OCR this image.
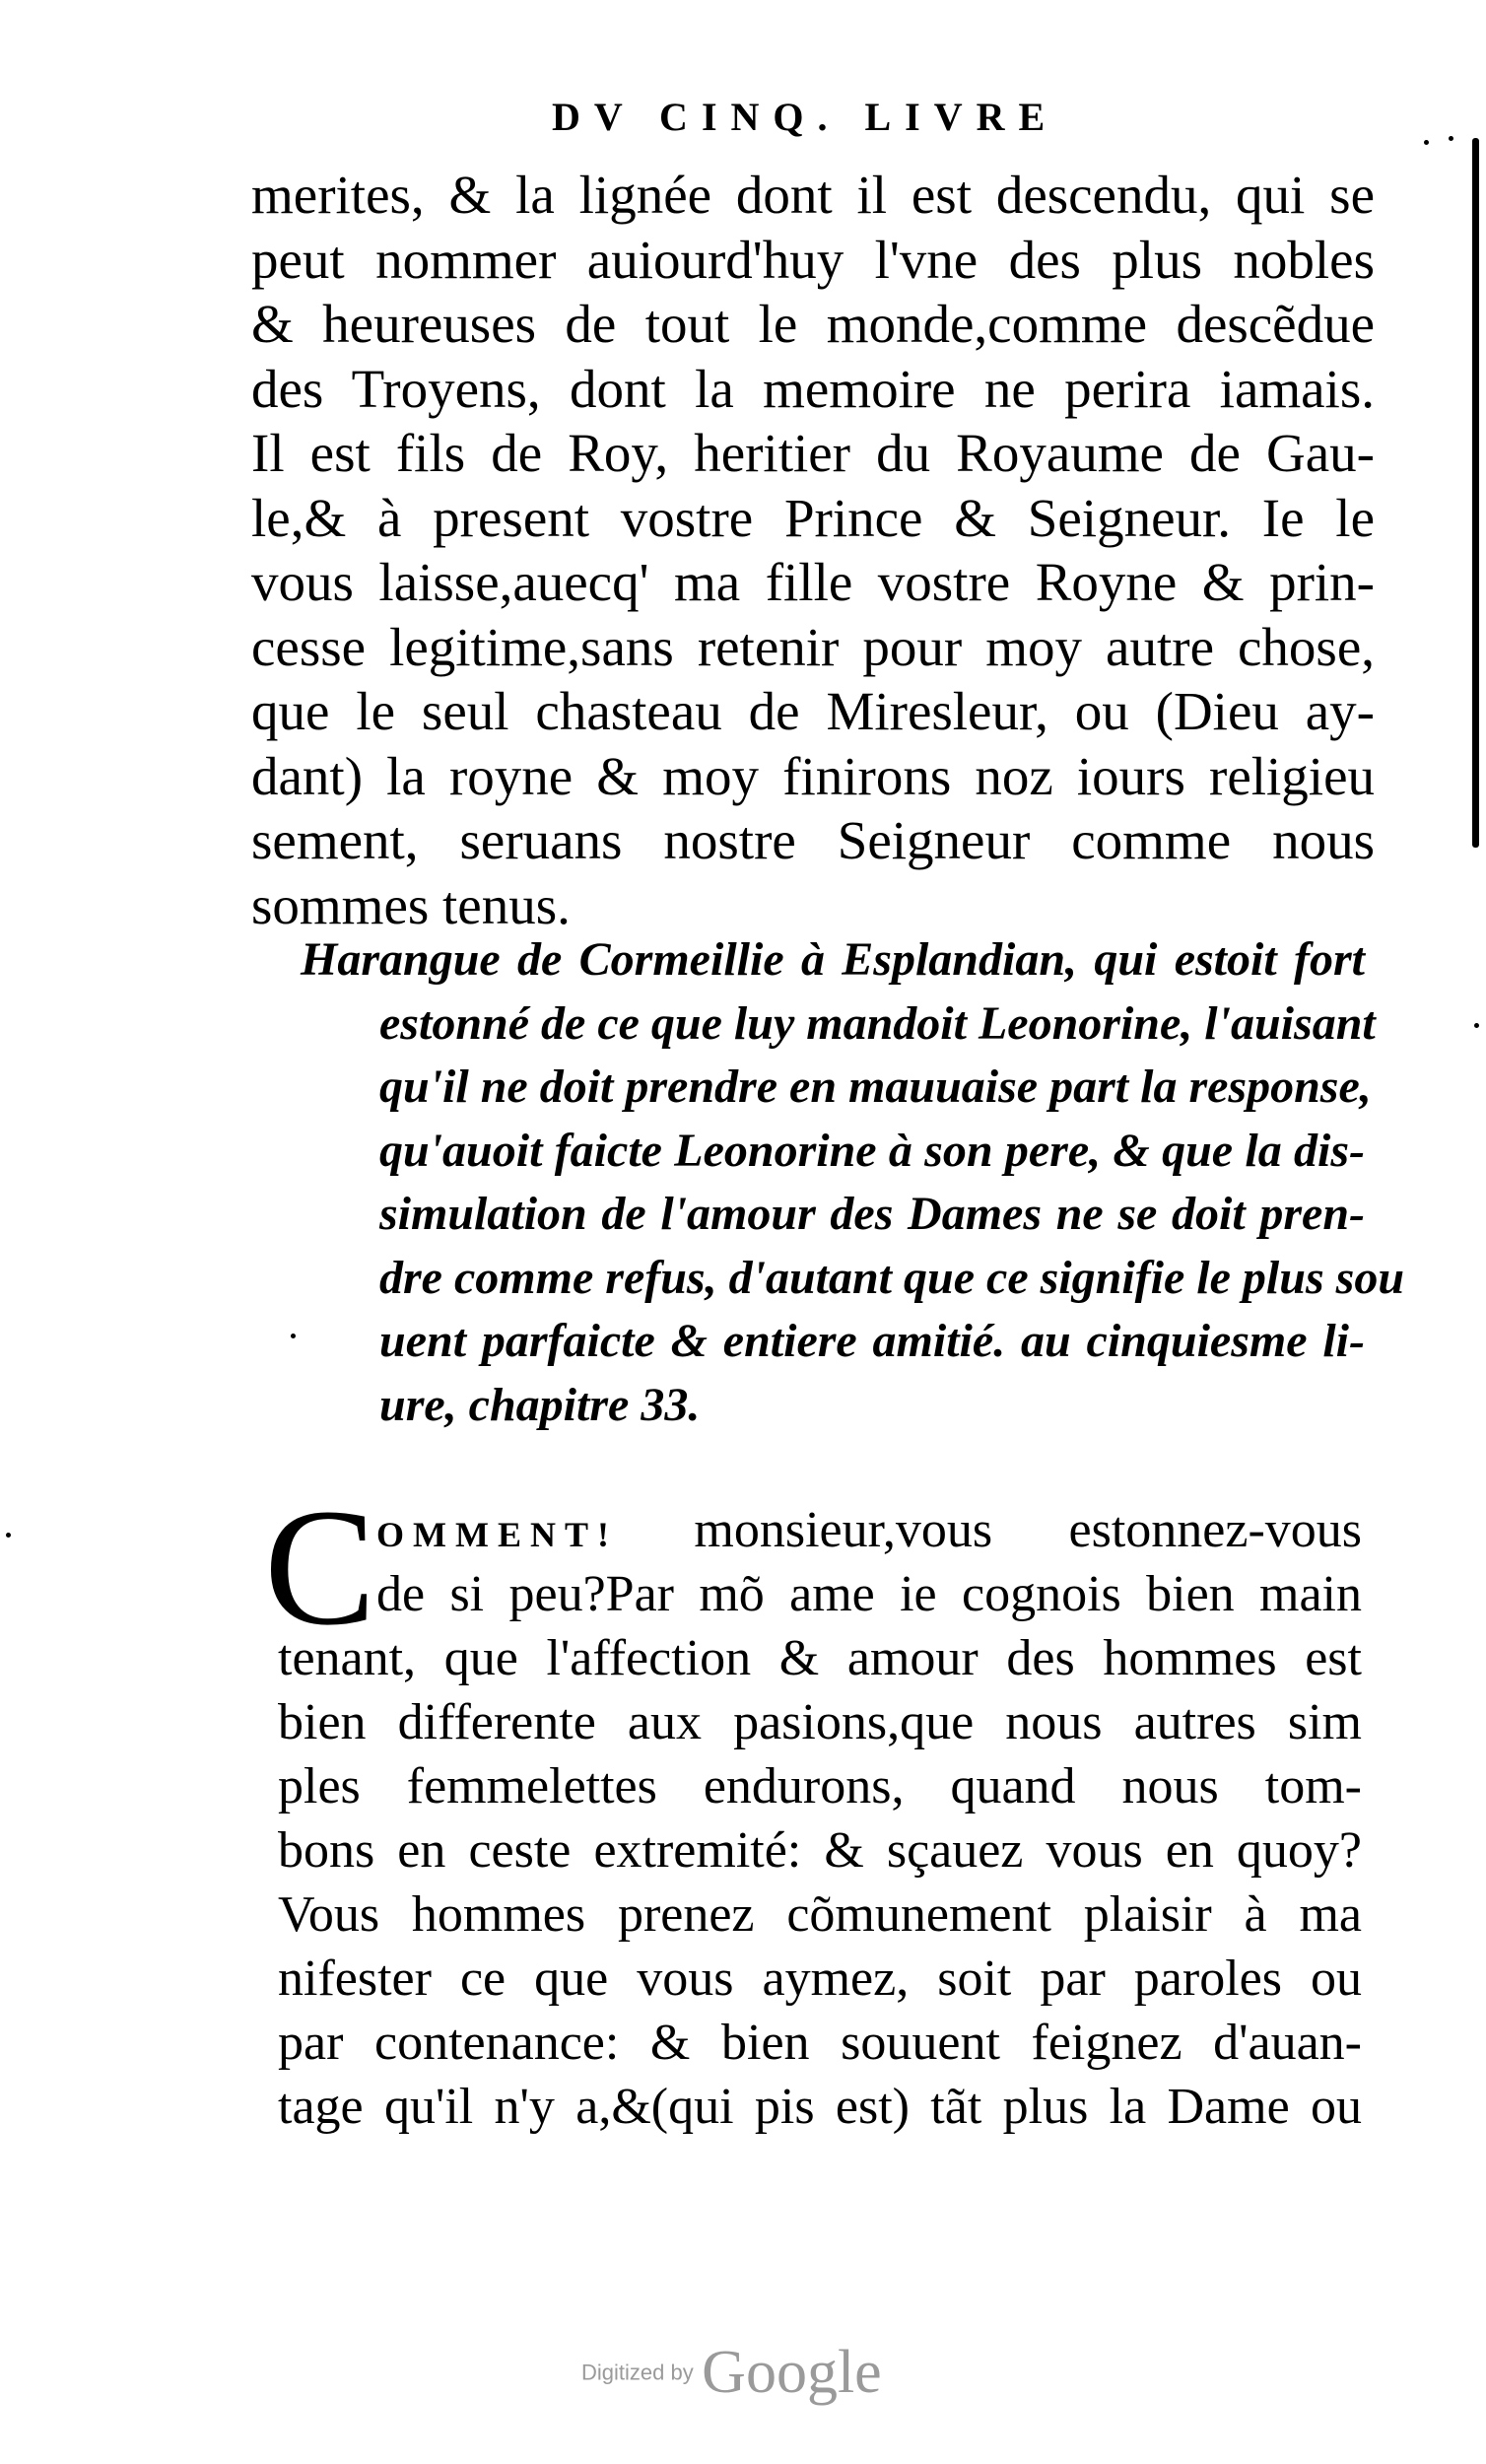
DV CINQ. LIVRE
merites, & la lignée dont il est descendu, qui se
peut nommer auiourd'huy l'vne des plus nobles
& heureuses de tout le monde,comme descẽdue
des Troyens, dont la memoire ne perira iamais.
Il est fils de Roy, heritier du Royaume de Gau-
le,& à present vostre Prince & Seigneur. Ie le
vous laisse,auecq' ma fille vostre Royne & prin-
cesse legitime,sans retenir pour moy autre chose,
que le seul chasteau de Miresleur, ou (Dieu ay-
dant) la royne & moy finirons noz iours religieu
sement, seruans nostre Seigneur comme nous
sommes tenus.
Harangue de Cormeillie à Esplandian, qui estoit fort
estonné de ce que luy mandoit Leonorine, l'auisant
qu'il ne doit prendre en mauuaise part la response,
qu'auoit faicte Leonorine à son pere, & que la dis-
simulation de l'amour des Dames ne se doit pren-
dre comme refus, d'autant que ce signifie le plus sou
uent parfaicte & entiere amitié. au cinquiesme li-
ure, chapitre 33.
C OMMENT! monsieur,vous estonnez-vous
de si peu?Par mõ ame ie cognois bien main
tenant, que l'affection & amour des hommes est
bien differente aux pasions,que nous autres sim
ples femmelettes endurons, quand nous tom-
bons en ceste extremité: & sçauez vous en quoy?
Vous hommes prenez cõmunement plaisir à ma
nifester ce que vous aymez, soit par paroles ou
par contenance: & bien souuent feignez d'auan-
tage qu'il n'y a,&(qui pis est) tãt plus la Dame ou
Digitized by Google
